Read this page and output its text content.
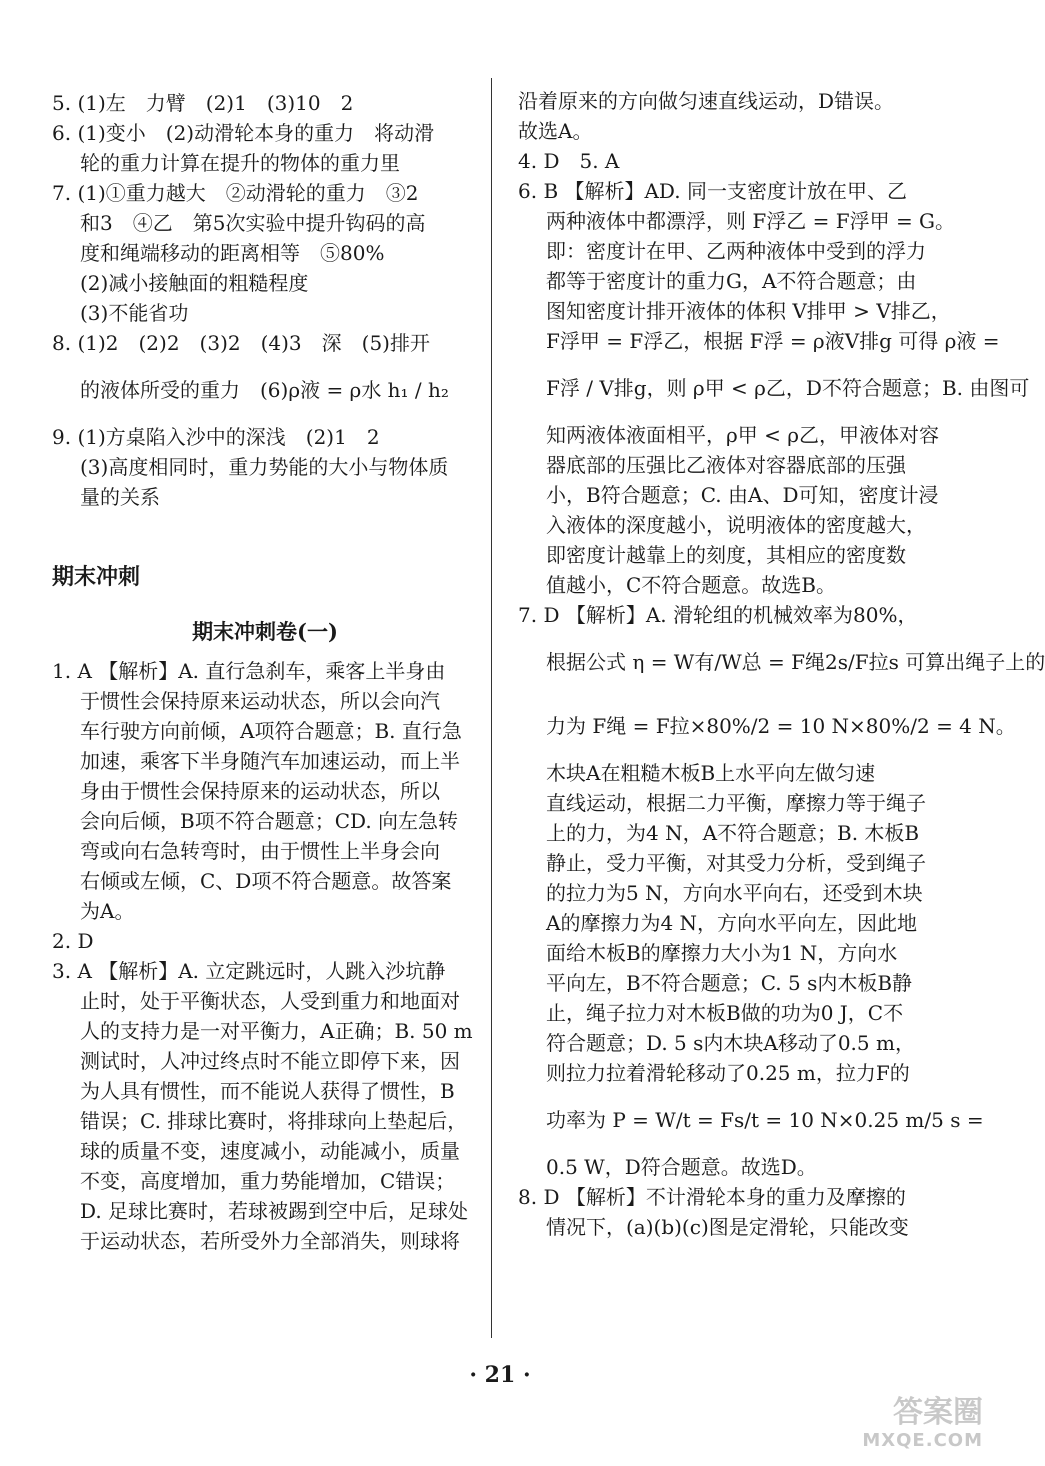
5. (1)左　力臂　(2)1　(3)10　2
6. (1)变小　(2)动滑轮本身的重力　将动滑
轮的重力计算在提升的物体的重力里
7. (1)①重力越大　②动滑轮的重力　③2
和3　④乙　第5次实验中提升钩码的高
度和绳端移动的距离相等　⑤80%
(2)减小接触面的粗糙程度
(3)不能省功
8. (1)2　(2)2　(3)2　(4)3　深　(5)排开
的液体所受的重力　(6)ρ液 = ρ水 h₁ / h₂
9. (1)方桌陷入沙中的深浅　(2)1　2
(3)高度相同时，重力势能的大小与物体质
量的关系
期末冲刺
期末冲刺卷(一)
1. A 【解析】A. 直行急刹车，乘客上半身由
于惯性会保持原来运动状态，所以会向汽
车行驶方向前倾，A项符合题意；B. 直行急
加速，乘客下半身随汽车加速运动，而上半
身由于惯性会保持原来的运动状态，所以
会向后倾，B项不符合题意；CD. 向左急转
弯或向右急转弯时，由于惯性上半身会向
右倾或左倾，C、D项不符合题意。故答案
为A。
2. D
3. A 【解析】A. 立定跳远时，人跳入沙坑静
止时，处于平衡状态，人受到重力和地面对
人的支持力是一对平衡力，A正确；B. 50 m
测试时，人冲过终点时不能立即停下来，因
为人具有惯性，而不能说人获得了惯性，B
错误；C. 排球比赛时，将排球向上垫起后，
球的质量不变，速度减小，动能减小，质量
不变，高度增加，重力势能增加，C错误；
D. 足球比赛时，若球被踢到空中后，足球处
于运动状态，若所受外力全部消失，则球将
沿着原来的方向做匀速直线运动，D错误。
故选A。
4. D　5. A
6. B 【解析】AD. 同一支密度计放在甲、乙
两种液体中都漂浮，则 F浮乙 = F浮甲 = G。
即：密度计在甲、乙两种液体中受到的浮力
都等于密度计的重力G，A不符合题意；由
图知密度计排开液体的体积 V排甲 > V排乙，
F浮甲 = F浮乙，根据 F浮 = ρ液V排g 可得 ρ液 =
F浮 / V排g，则 ρ甲 < ρ乙，D不符合题意；B. 由图可
知两液体液面相平，ρ甲 < ρ乙，甲液体对容
器底部的压强比乙液体对容器底部的压强
小，B符合题意；C. 由A、D可知，密度计浸
入液体的深度越小，说明液体的密度越大，
即密度计越靠上的刻度，其相应的密度数
值越小，C不符合题意。故选B。
7. D 【解析】A. 滑轮组的机械效率为80%，
根据公式 η = W有/W总 = F绳2s/F拉s 可算出绳子上的
力为 F绳 = F拉×80%/2 = 10 N×80%/2 = 4 N。
木块A在粗糙木板B上水平向左做匀速
直线运动，根据二力平衡，摩擦力等于绳子
上的力，为4 N，A不符合题意；B. 木板B
静止，受力平衡，对其受力分析，受到绳子
的拉力为5 N，方向水平向右，还受到木块
A的摩擦力为4 N，方向水平向左，因此地
面给木板B的摩擦力大小为1 N，方向水
平向左，B不符合题意；C. 5 s内木板B静
止，绳子拉力对木板B做的功为0 J，C不
符合题意；D. 5 s内木块A移动了0.5 m，
则拉力拉着滑轮移动了0.25 m，拉力F的
功率为 P = W/t = Fs/t = 10 N×0.25 m/5 s =
0.5 W，D符合题意。故选D。
8. D 【解析】不计滑轮本身的重力及摩擦的
情况下，(a)(b)(c)图是定滑轮，只能改变
· 21 ·
答案圈
MXQE.COM
